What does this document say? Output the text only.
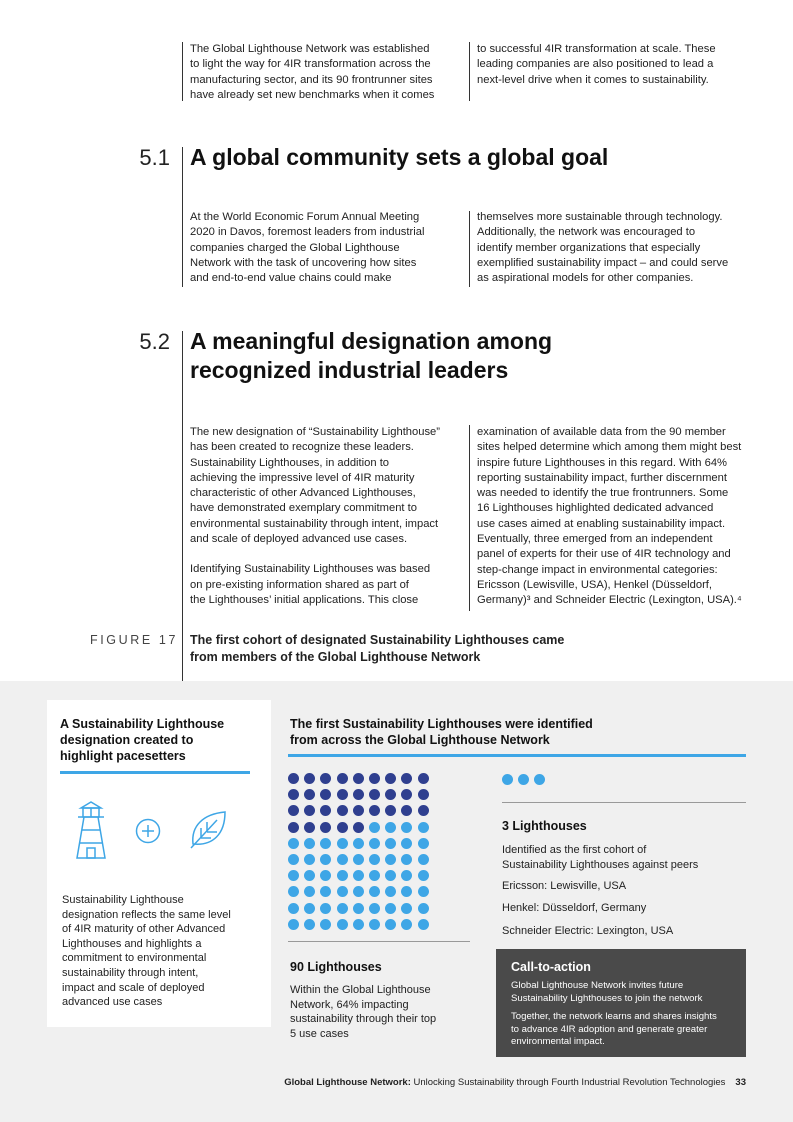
The Global Lighthouse Network was established
to light the way for 4IR transformation across the
manufacturing sector, and its 90 frontrunner sites
have already set new benchmarks when it comes

to successful 4IR transformation at scale. These
leading companies are also positioned to lead a
next-level drive when it comes to sustainability.

5.1 A global community sets a global goal

At the World Economic Forum Annual Meeting
2020 in Davos, foremost leaders from industrial
companies charged the Global Lighthouse
Network with the task of uncovering how sites
and end-to-end value chains could make

themselves more sustainable through technology.
Additionally, the network was encouraged to
identify member organizations that especially
exemplified sustainability impact – and could serve
as aspirational models for other companies.

5.2 A meaningful designation among
recognized industrial leaders

The new designation of “Sustainability Lighthouse”
has been created to recognize these leaders.
Sustainability Lighthouses, in addition to
achieving the impressive level of 4IR maturity
characteristic of other Advanced Lighthouses,
have demonstrated exemplary commitment to
environmental sustainability through intent, impact
and scale of deployed advanced use cases.

Identifying Sustainability Lighthouses was based
on pre-existing information shared as part of
the Lighthouses’ initial applications. This close

examination of available data from the 90 member
sites helped determine which among them might best
inspire future Lighthouses in this regard. With 64%
reporting sustainability impact, further discernment
was needed to identify the true frontrunners. Some
16 Lighthouses highlighted dedicated advanced
use cases aimed at enabling sustainability impact.
Eventually, three emerged from an independent
panel of experts for their use of 4IR technology and
step-change impact in environmental categories:
Ericsson (Lewisville, USA), Henkel (Düsseldorf,
Germany)³ and Schneider Electric (Lexington, USA).⁴

FIGURE 17 The first cohort of designated Sustainability Lighthouses came
from members of the Global Lighthouse Network
A Sustainability Lighthouse
designation created to
highlight pacesetters
Sustainability Lighthouse
designation reflects the same level
of 4IR maturity of other Advanced
Lighthouses and highlights a
commitment to environmental
sustainability through intent,
impact and scale of deployed
advanced use cases
The first Sustainability Lighthouses were identified
from across the Global Lighthouse Network
90 Lighthouses
Within the Global Lighthouse
Network, 64% impacting
sustainability through their top
5 use cases
3 Lighthouses
Identified as the first cohort of
Sustainability Lighthouses against peers
Ericsson: Lewisville, USA
Henkel: Düsseldorf, Germany
Schneider Electric: Lexington, USA
Call-to-action
Global Lighthouse Network invites future
Sustainability Lighthouses to join the network
Together, the network learns and shares insights
to advance 4IR adoption and generate greater
environmental impact.
Global Lighthouse Network: Unlocking Sustainability through Fourth Industrial Revolution Technologies 33
